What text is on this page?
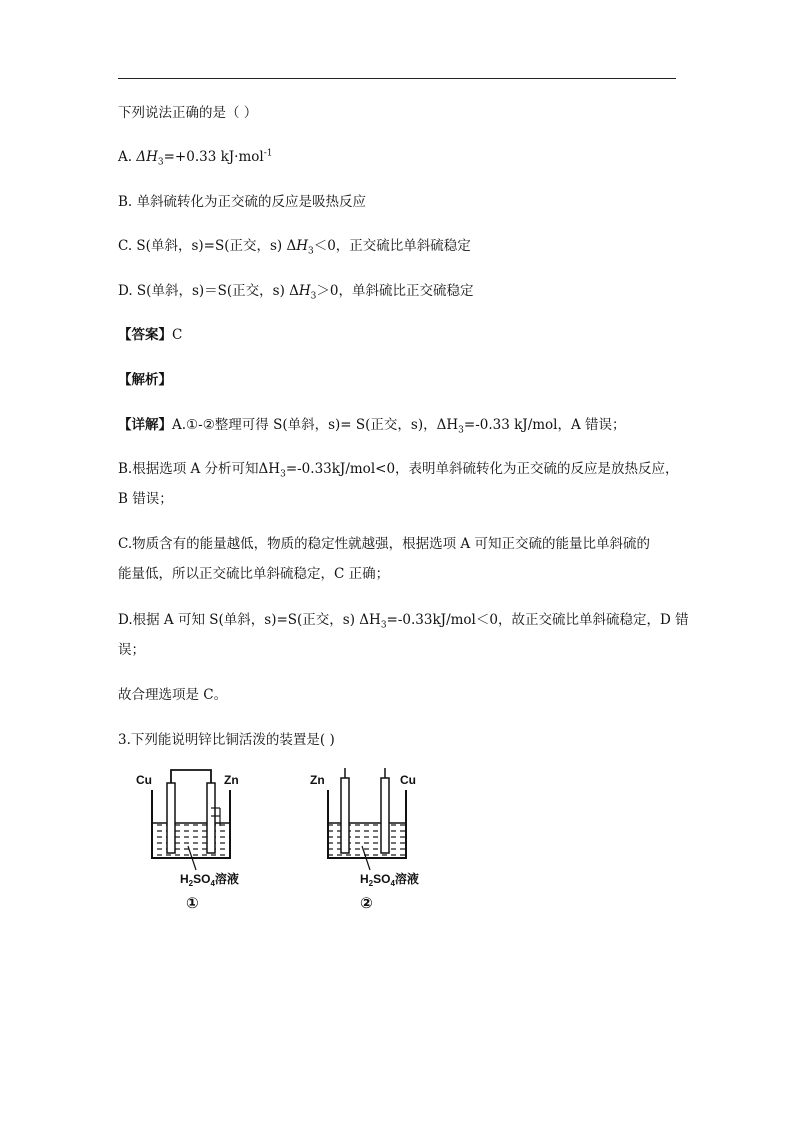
下列说法正确的是（ ）
A. $\Delta H_3=+0.33$ kJ·mol$^{-1}$
B. 单斜硫转化为正交硫的反应是吸热反应
C. S(单斜，s)=S(正交，s) $\Delta H_3<0$，正交硫比单斜硫稳定
D. S(单斜，s)＝S(正交，s) $\Delta H_3>0$，单斜硫比正交硫稳定
【答案】C
【解析】
【详解】A.①-②整理可得 S(单斜，s)= S(正交，s)，$\Delta H_3=-0.33$ kJ/mol，A 错误；
B.根据选项 A 分析可知$\Delta H_3=-0.33kJ/mol<0$，表明单斜硫转化为正交硫的反应是放热反应，
B 错误；
C.物质含有的能量越低，物质的稳定性就越强，根据选项 A 可知正交硫的能量比单斜硫的
能量低，所以正交硫比单斜硫稳定，C 正确；
D.根据 A 可知 S(单斜，s)=S(正交，s) $\Delta H_3=-0.33kJ/mol<0$，故正交硫比单斜硫稳定，D 错
误；
故合理选项是 C。
3.下列能说明锌比铜活泼的装置是( )
Cu	Zn
$H_2SO_4$溶液
①
Zn	Cu
$H_2SO_4$溶液
②
